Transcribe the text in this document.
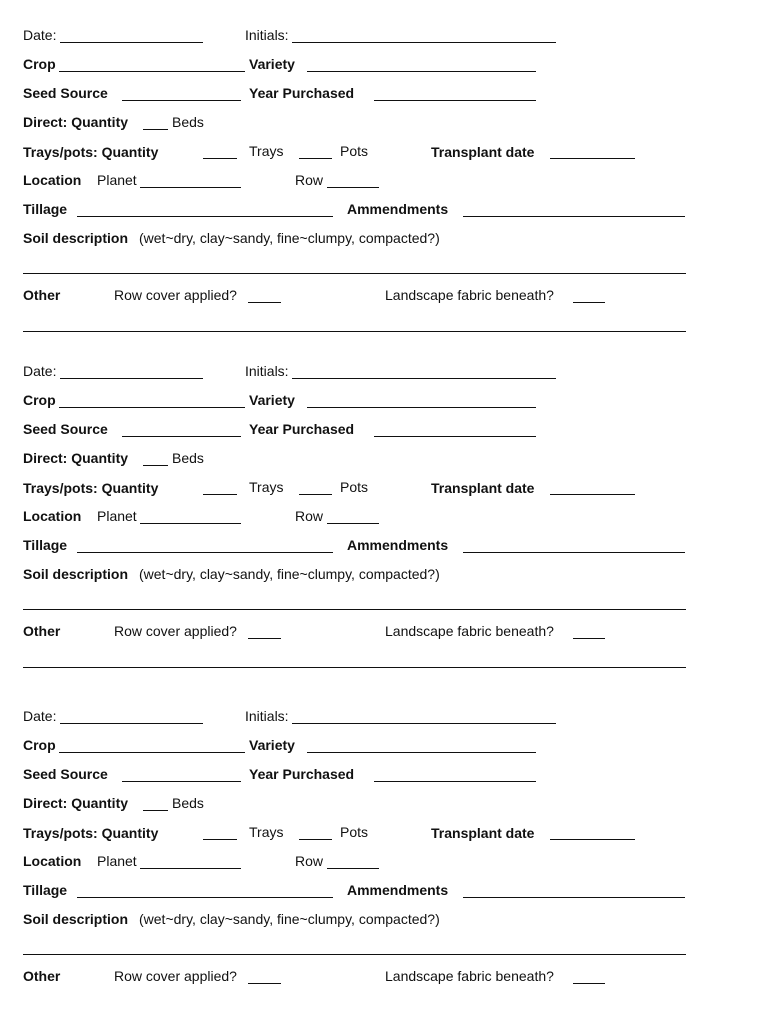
Date:	Initials:
Crop	Variety
Seed Source	Year Purchased
Direct: Quantity	Beds
Trays/pots: Quantity	Trays	Pots	Transplant date
Location Planet	Row
Tillage	Ammendments
Soil description (wet~dry, clay~sandy, fine~clumpy, compacted?)
Other	Row cover applied?	Landscape fabric beneath?
Date:	Initials:
Crop	Variety
Seed Source	Year Purchased
Direct: Quantity	Beds
Trays/pots: Quantity	Trays	Pots	Transplant date
Location Planet	Row
Tillage	Ammendments
Soil description (wet~dry, clay~sandy, fine~clumpy, compacted?)
Other	Row cover applied?	Landscape fabric beneath?
Date:	Initials:
Crop	Variety
Seed Source	Year Purchased
Direct: Quantity	Beds
Trays/pots: Quantity	Trays	Pots	Transplant date
Location Planet	Row
Tillage	Ammendments
Soil description (wet~dry, clay~sandy, fine~clumpy, compacted?)
Other	Row cover applied?	Landscape fabric beneath?
